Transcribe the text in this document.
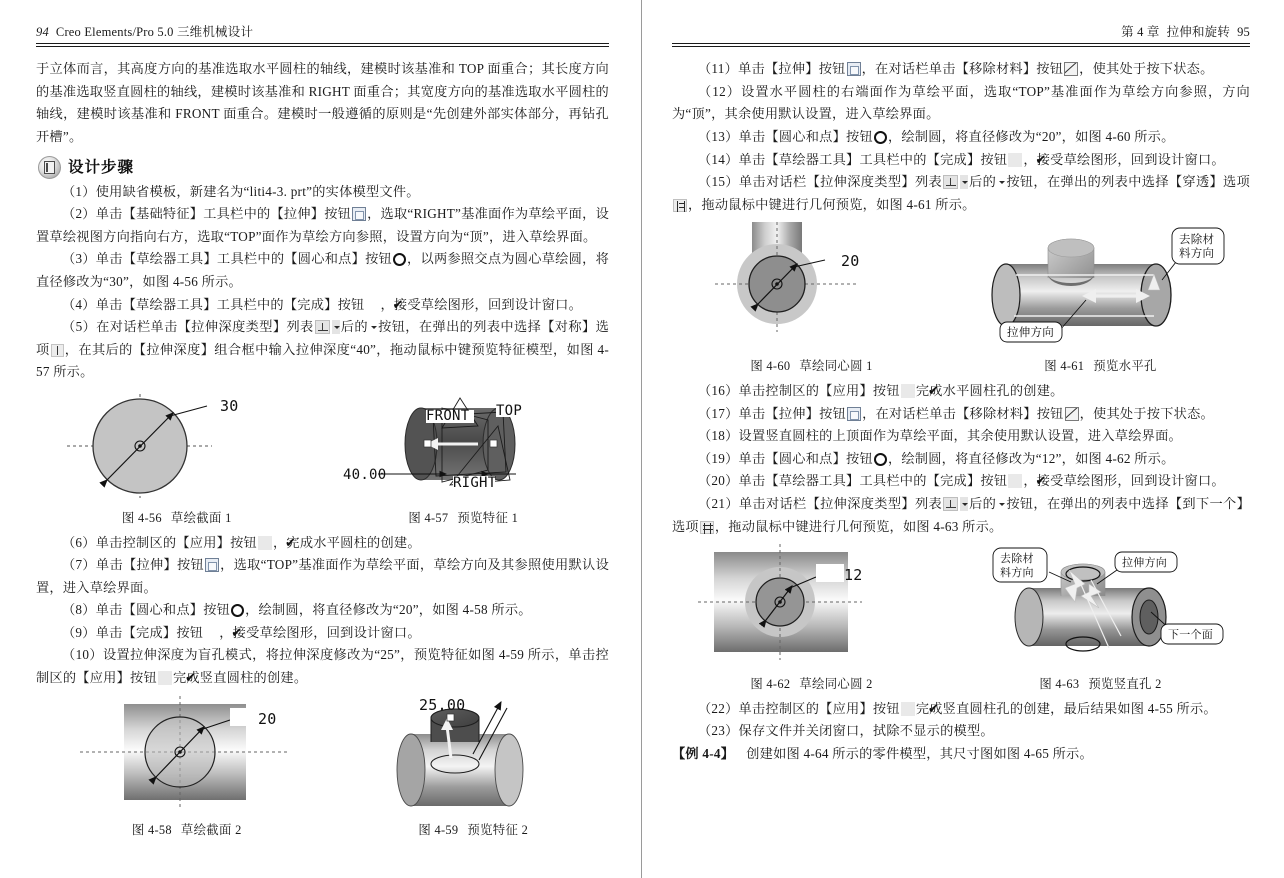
94 Creo Elements/Pro 5.0 三维机械设计

于立体而言，其高度方向的基准选取水平圆柱的轴线，建模时该基准和 TOP 面重合；其长度方向的基准选取竖直圆柱的轴线，建模时该基准和 RIGHT 面重合；其宽度方向的基准选取水平圆柱的轴线，建模时该基准和 FRONT 面重合。建模时一般遵循的原则是“先创建外部实体部分，再钻孔开槽”。

设计步骤

（1）使用缺省模板，新建名为“liti4-3. prt”的实体模型文件。

（2）单击【基础特征】工具栏中的【拉伸】按钮 ，选取“RIGHT”基准面作为草绘平面，设置草绘视图方向指向右方，选取“TOP”面作为草绘方向参照，设置方向为“顶”，进入草绘界面。

（3）单击【草绘器工具】工具栏中的【圆心和点】按钮 ，以两参照交点为圆心草绘圆，将直径修改为“30”，如图 4-56 所示。

（4）单击【草绘器工具】工具栏中的【完成】按钮 ✔ ，接受草绘图形，回到设计窗口。

（5）在对话栏单击【拉伸深度类型】列表 后的 按钮，在弹出的列表中选择【对称】选项 ，在其后的【拉伸深度】组合框中输入拉伸深度“40”，拖动鼠标中键预览特征模型，如图 4-57 所示。

30
图 4-56 草绘截面 1
40.00
FRONT TOP
RIGHT
图 4-57 预览特征 1

（6）单击控制区的【应用】按钮 ✔ ，完成水平圆柱的创建。

（7）单击【拉伸】按钮 ，选取“TOP”基准面作为草绘平面，草绘方向及其参照使用默认设置，进入草绘界面。

（8）单击【圆心和点】按钮 ，绘制圆，将直径修改为“20”，如图 4-58 所示。

（9）单击【完成】按钮 ✔ ，接受草绘图形，回到设计窗口。

（10）设置拉伸深度为盲孔模式，将拉伸深度修改为“25”，预览特征如图 4-59 所示，单击控制区的【应用】按钮 ✔ 完成竖直圆柱的创建。

20
图 4-58 草绘截面 2
25.00
图 4-59 预览特征 2
第 4 章 拉伸和旋转 95

（11）单击【拉伸】按钮 ，在对话栏单击【移除材料】按钮 ，使其处于按下状态。

（12）设置水平圆柱的右端面作为草绘平面，选取“TOP”基准面作为草绘方向参照，方向为“顶”，其余使用默认设置，进入草绘界面。

（13）单击【圆心和点】按钮 ，绘制圆，将直径修改为“20”，如图 4-60 所示。

（14）单击【草绘器工具】工具栏中的【完成】按钮 ✔ ，接受草绘图形，回到设计窗口。

（15）单击对话栏【拉伸深度类型】列表 后的 按钮，在弹出的列表中选择【穿透】选项，拖动鼠标中键进行几何预览，如图 4-61 所示。

20
图 4-60 草绘同心圆 1
去除材
料方向
拉伸方向
图 4-61 预览水平孔

（16）单击控制区的【应用】按钮 ✔ 完成水平圆柱孔的创建。

（17）单击【拉伸】按钮 ，在对话栏单击【移除材料】按钮 ，使其处于按下状态。

（18）设置竖直圆柱的上顶面作为草绘平面，其余使用默认设置，进入草绘界面。

（19）单击【圆心和点】按钮 ，绘制圆，将直径修改为“12”，如图 4-62 所示。

（20）单击【草绘器工具】工具栏中的【完成】按钮 ✔ ，接受草绘图形，回到设计窗口。

（21）单击对话栏【拉伸深度类型】列表 后的 按钮，在弹出的列表中选择【到下一个】选项 ，拖动鼠标中键进行几何预览，如图 4-63 所示。

12
图 4-62 草绘同心圆 2
去除材
料方向
拉伸方向
下一个面
图 4-63 预览竖直孔 2

（22）单击控制区的【应用】按钮 ✔ 完成竖直圆柱孔的创建，最后结果如图 4-55 所示。

（23）保存文件并关闭窗口，拭除不显示的模型。

【例 4-4】 创建如图 4-64 所示的零件模型，其尺寸图如图 4-65 所示。
